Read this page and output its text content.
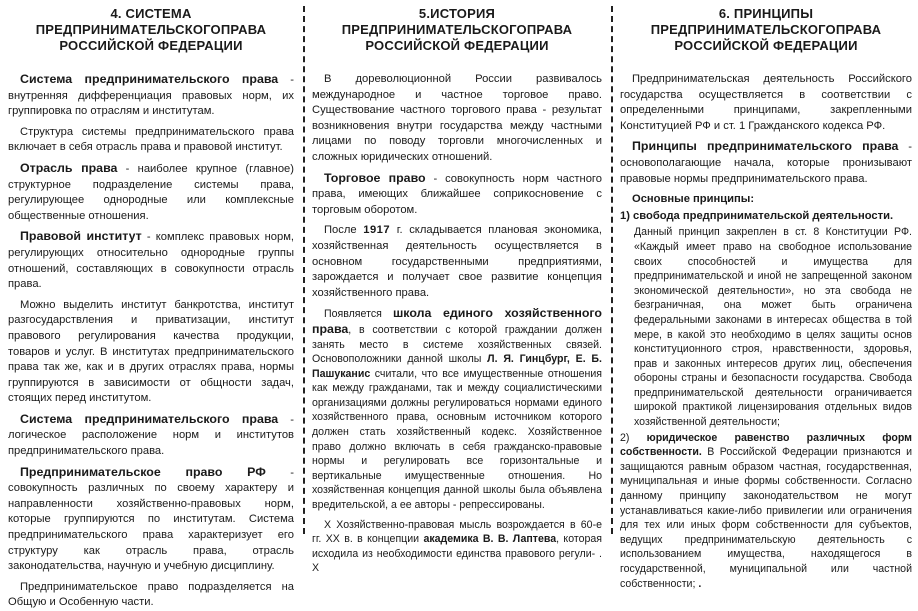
4. СИСТЕМА ПРЕДПРИНИМАТЕЛЬСКОГОПРАВА РОССИЙСКОЙ ФЕДЕРАЦИИ

Система предпринимательского права - внутренняя дифференциация правовых норм, их группировка по отраслям и институтам.

Структура системы предпринимательского права включает в себя отрасль права и правовой институт.

Отрасль права - наиболее крупное (главное) структурное подразделение системы права, регулирующее однородные или комплексные общественные отношения.

Правовой институт - комплекс правовых норм, регулирующих относительно однородные группы отношений, составляющих в совокупности отрасль права.

Можно выделить институт банкротства, институт разгосударствления и приватизации, институт правового регулирования качества продукции, товаров и услуг. В институтах предпринимательского права так же, как и в других отраслях права, нормы группируются в зависимости от общности задач, стоящих перед институтом.

Система предпринимательского права - логическое расположение норм и институтов предпринимательского права.

Предпринимательское право РФ - совокупность различных по своему характеру и направленности хозяйственно-правовых норм, которые группируются по институтам. Система предпринимательского права характеризует его структуру как отрасль права, отрасль законодательства, научную и учебную дисциплину.

Предпринимательское право подразделяется на Общую и Особенную части.

5.ИСТОРИЯ ПРЕДПРИНИМАТЕЛЬСКОГОПРАВА РОССИЙСКОЙ ФЕДЕРАЦИИ

В дореволюционной России развивалось международное и частное торговое право. Существование частного торгового права - результат возникновения внутри государства между частными лицами по поводу торговли многочисленных и сложных юридических отношений.

Торговое право - совокупность норм частного права, имеющих ближайшее соприкосновение с торговым оборотом.

После 1917 г. складывается плановая экономика, хозяйственная деятельность осуществляется в основном государственными предприятиями, зарождается и получает свое развитие концепция хозяйственного права.

Появляется школа единого хозяйственного права, в соответствии с которой граждании должен занять место в системе хозяйственных связей. Основоположники данной школы Л. Я. Гинцбург, Е. Б. Пашуканис считали, что все имущественные отношения как между гражданами, так и между социалистическими организациями должны регулироваться нормами единого хозяйственного права, основным источником которого должен стать хозяйственный кодекс. Хозяйственное право должно включать в себя гражданско-правовые нормы и регулировать все горизонтальные и вертикальные имущественные отношения. Но хозяйственная концепция данной школы была объявлена вредительской, а ее авторы - репрессированы.

X Хозяйственно-правовая мысль возрождается в 60-е гг. XX в. в концепции академика В. В. Лаптева, которая исходила из необходимости единства правового регули- . X

6. ПРИНЦИПЫ ПРЕДПРИНИМАТЕЛЬСКОГОПРАВА РОССИЙСКОЙ ФЕДЕРАЦИИ

Предпринимательская деятельность Российского государства осуществляется в соответствии с определенными принципами, закрепленными Конституцией РФ и ст. 1 Гражданского кодекса РФ.

Принципы предпринимательского права - основополагающие начала, которые пронизывают правовые нормы предпринимательского права.

Основные принципы:

1) свобода предпринимательской деятельности.

Данный принцип закреплен в ст. 8 Конституции РФ. «Каждый имеет право на свободное использование своих способностей и имущества для предпринимательской и иной не запрещенной законом экономической деятельности», но эта свобода не безграничная, она может быть ограничена федеральными законами в интересах общества в той мере, в какой это необходимо в целях защиты основ конституционного строя, нравственности, здоровья, прав и законных интересов других лиц, обеспечения обороны страны и безопасности государства. Свобода предпринимательской деятельности ограничивается широкой практикой лицензирования отдельных видов хозяйственной деятельности;

2) юридическое равенство различных форм собственности. В Российской Федерации признаются и защищаются равным образом частная, государственная, муниципальная и иные формы собственности. Согласно данному принципу законодательством не могут устанавливаться какие-либо привилегии или ограничения для тех или иных форм собственности для субъектов, ведущих предпринимательскую деятельность с использованием имущества, находящегося в государственной, муниципальной или частной собственности; .
